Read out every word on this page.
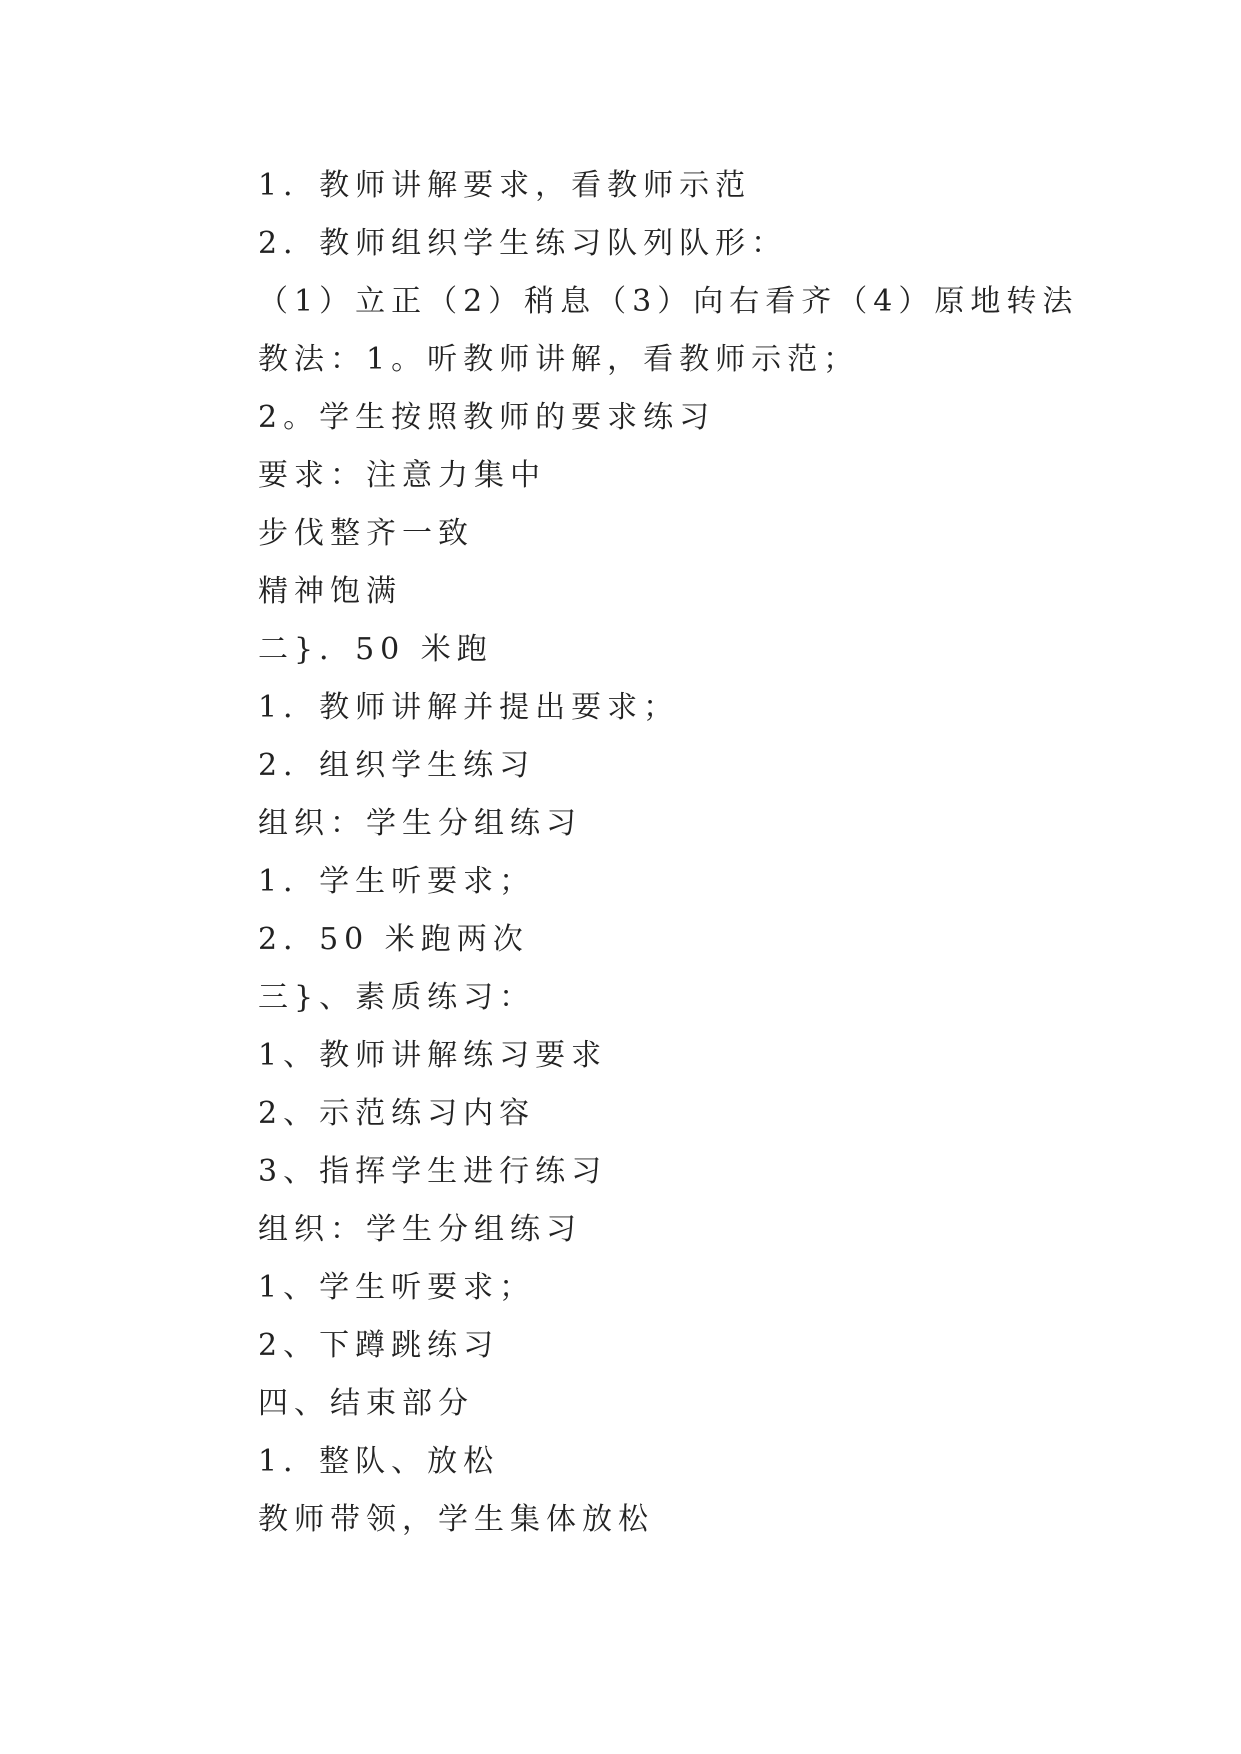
1．教师讲解要求，看教师示范
2．教师组织学生练习队列队形：
（1）立正（2）稍息（3）向右看齐（4）原地转法
教法：1。听教师讲解，看教师示范；
2。学生按照教师的要求练习
要求：注意力集中
步伐整齐一致
精神饱满
二}．50 米跑
1．教师讲解并提出要求；
2．组织学生练习
组织：学生分组练习
1．学生听要求；
2．50 米跑两次
三}、素质练习：
1、教师讲解练习要求
2、示范练习内容
3、指挥学生进行练习
组织：学生分组练习
1、学生听要求；
2、下蹲跳练习
四、结束部分
1．整队、放松
教师带领，学生集体放松
